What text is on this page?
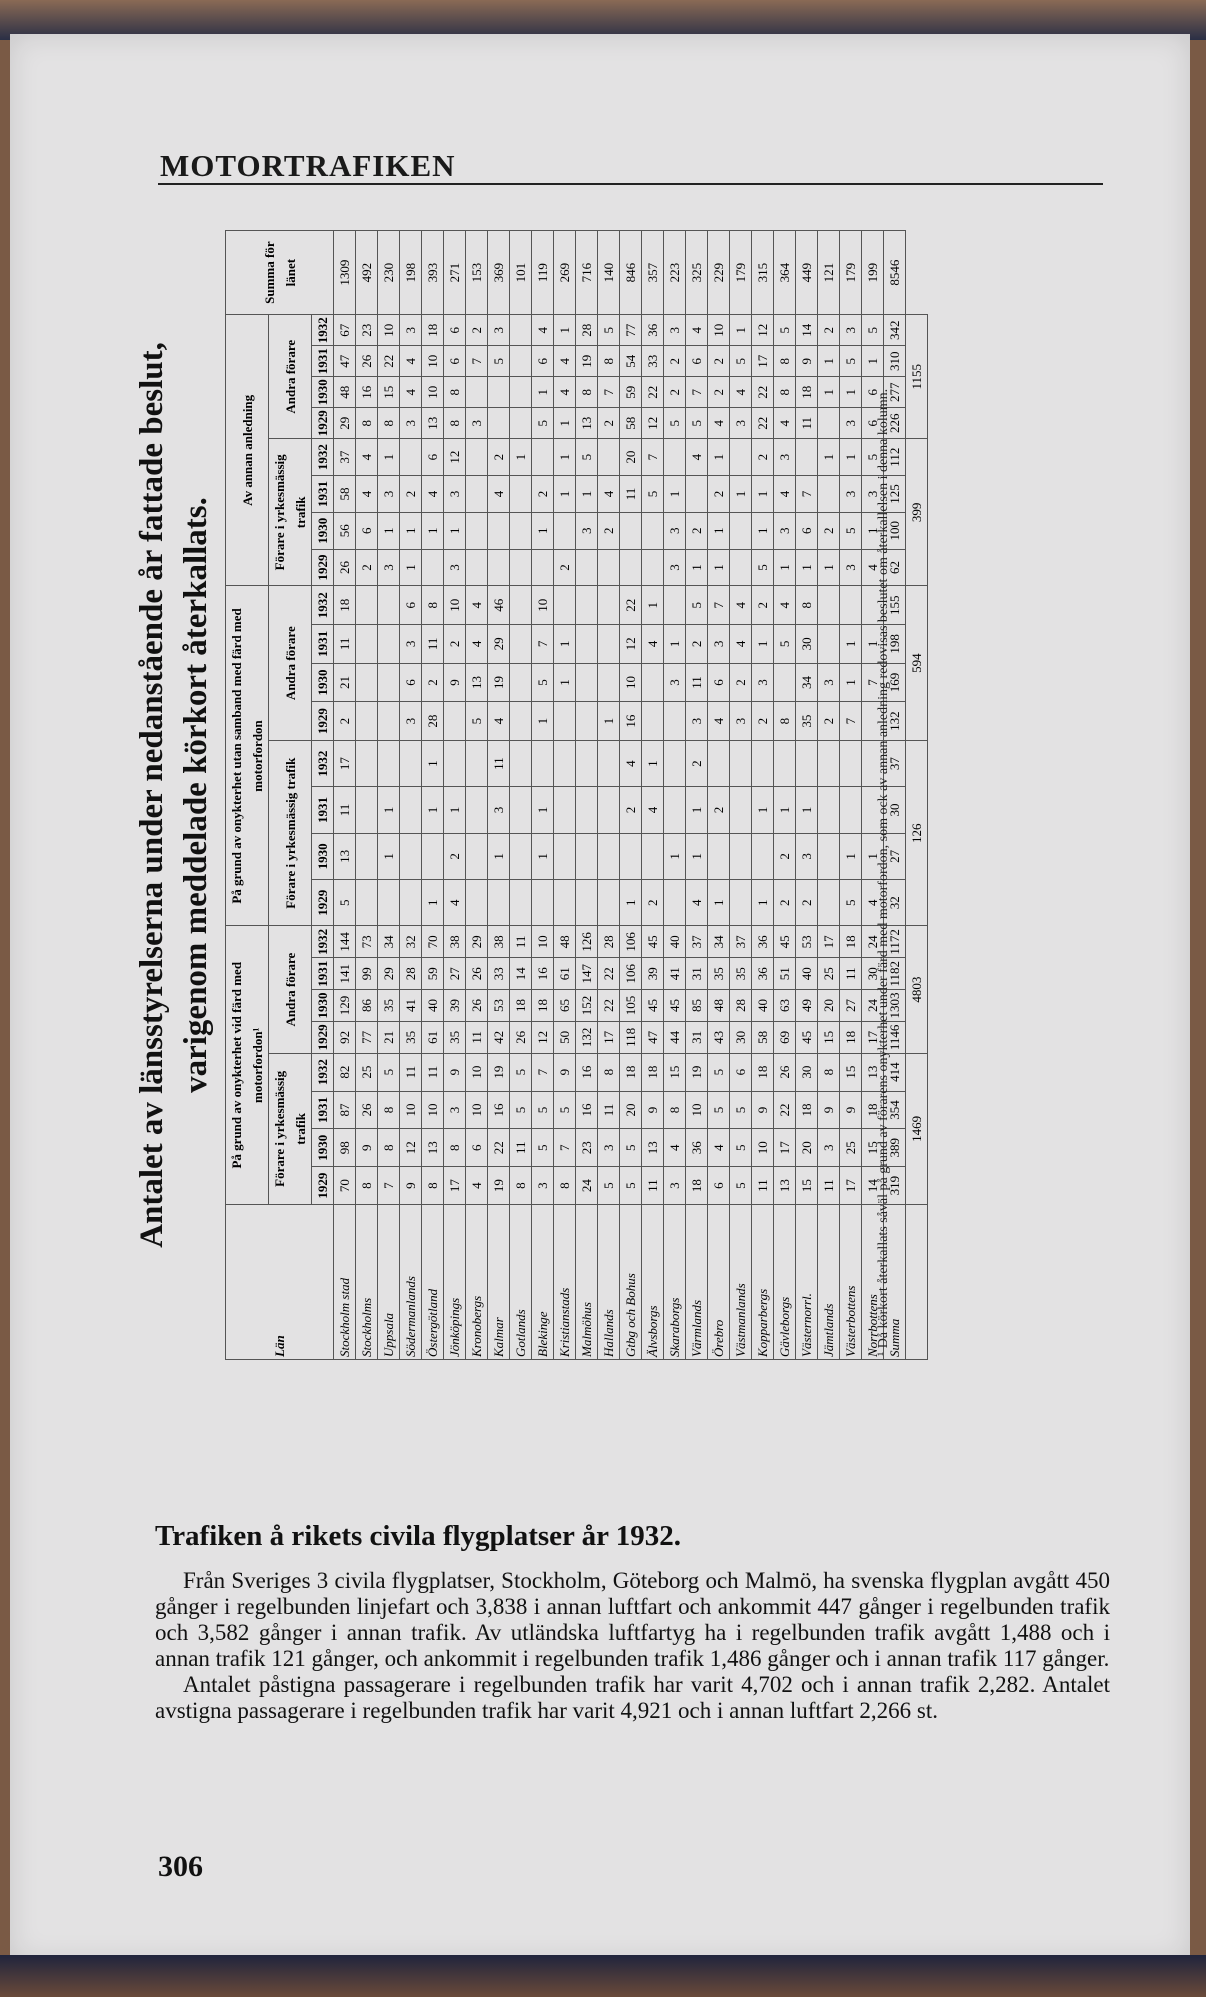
MOTORTRAFIKEN
Antalet av länsstyrelserna under nedanstående år fattade beslut, varigenom meddelade körkort återkallats.
Län	På grund av onykterhet vid färd med motorfordon¹								På grund av onykterhet utan samband med färd med motorfordon								Av annan anledning								Summa för länet
	Förare i yrkesmässig trafik				Andra förare				Förare i yrkesmässig trafik				Andra förare				Förare i yrkesmässig trafik				Andra förare				
	1929	1930	1931	1932	1929	1930	1931	1932	1929	1930	1931	1932	1929	1930	1931	1932	1929	1930	1931	1932	1929	1930	1931	1932	
Stockholm stad	70	98	87	82	92	129	141	144	5	13	11	17	2	21	11	18	26	56	58	37	29	48	47	67	1309
Stockholms	8	9	26	25	77	86	99	73									2	6	4	4	8	16	26	23	492
Uppsala	7	8	8	5	21	35	29	34		1	1						3	1	3	1	8	15	22	10	230
Södermanlands	9	12	10	11	35	41	28	32					3	6	3	6	1	1	2		3	4	4	3	198
Östergötland	8	13	10	11	61	40	59	70	1		1	1	28	2	11	8		1	4	6	13	10	10	18	393
Jönköpings	17	8	3	9	35	39	27	38	4	2	1			9	2	10	3	1	3	12	8	8	6	6	271
Kronobergs	4	6	10	10	11	26	26	29					5	13	4	4					3		7	2	153
Kalmar	19	22	16	19	42	53	33	38		1	3	11	4	19	29	46			4	2			5	3	369
Gotlands	8	11	5	5	26	18	14	11												1					101
Blekinge	3	5	5	7	12	18	16	10		1	1		1	5	7	10		1	2		5	1	6	4	119
Kristianstads	8	7	5	9	50	65	61	48						1	1		2		1	1	1	4	4	1	269
Malmöhus	24	23	16	16	132	152	147	126										3	1	5	13	8	19	28	716
Hallands	5	3	11	8	17	22	22	28					1					2	4		2	7	8	5	140
Gtbg och Bohus	5	5	20	18	118	105	106	106	1		2	4	16	10	12	22			11	20	58	59	54	77	846
Älvsborgs	11	13	9	18	47	45	39	45	2		4	1			4	1			5	7	12	22	33	36	357
Skaraborgs	3	4	8	15	44	45	41	40		1				3	1		3	3	1		5	2	2	3	223
Värmlands	18	36	10	19	31	85	31	37	4	1	1	2	3	11	2	5	1	2		4	5	7	6	4	325
Örebro	6	4	5	5	43	48	35	34	1		2		4	6	3	7	1	1	2	1	4	2	2	10	229
Västmanlands	5	5	5	6	30	28	35	37					3	2	4	4			1		3	4	5	1	179
Kopparbergs	11	10	9	18	58	40	36	36	1		1		2	3	1	2	5	1	1	2	22	22	17	12	315
Gävleborgs	13	17	22	26	69	63	51	45	2	2	1		8		5	4	1	3	4	3	4	8	8	5	364
Västernorrl.	15	20	18	30	45	49	40	53	2	3	1		35	34	30	8	1	6	7		11	18	9	14	449
Jämtlands	11	3	9	8	15	20	25	17					2	3			1	2		1		1	1	2	121
Västerbottens	17	25	9	15	18	27	11	18	5	1			7	1	1		3	5	3	1	3	1	5	3	179
Norrbottens	14	15	18	13	17	24	30	24	4	1				7	1		4	1	3	5	6	6	1	5	199
Summa	319	389	354	414	1146	1303	1182	1172	32	27	30	37	132	169	198	155	62	100	125	112	226	277	310	342	8546
	1469				4803				126				594				399				1155				
¹ Då körkort återkallats såväl på grund av förarens onykterhet under färd med motorfordon, som ock av annan anledning redovisas beslutet om återkallelsen i denna kolumn.
Trafiken å rikets civila flygplatser år 1932.

Från Sveriges 3 civila flygplatser, Stockholm, Göteborg och Malmö, ha svenska flygplan avgått 450 gånger i regelbunden linjefart och 3,838 i annan luftfart och ankommit 447 gånger i regelbunden trafik och 3,582 gånger i annan trafik. Av utländska luftfartyg ha i regelbunden trafik avgått 1,488 och i annan trafik 121 gånger, och ankommit i regelbunden trafik 1,486 gånger och i annan trafik 117 gånger.

Antalet påstigna passagerare i regelbunden trafik har varit 4,702 och i annan trafik 2,282. Antalet avstigna passagerare i regelbunden trafik har varit 4,921 och i annan luftfart 2,266 st.

306
